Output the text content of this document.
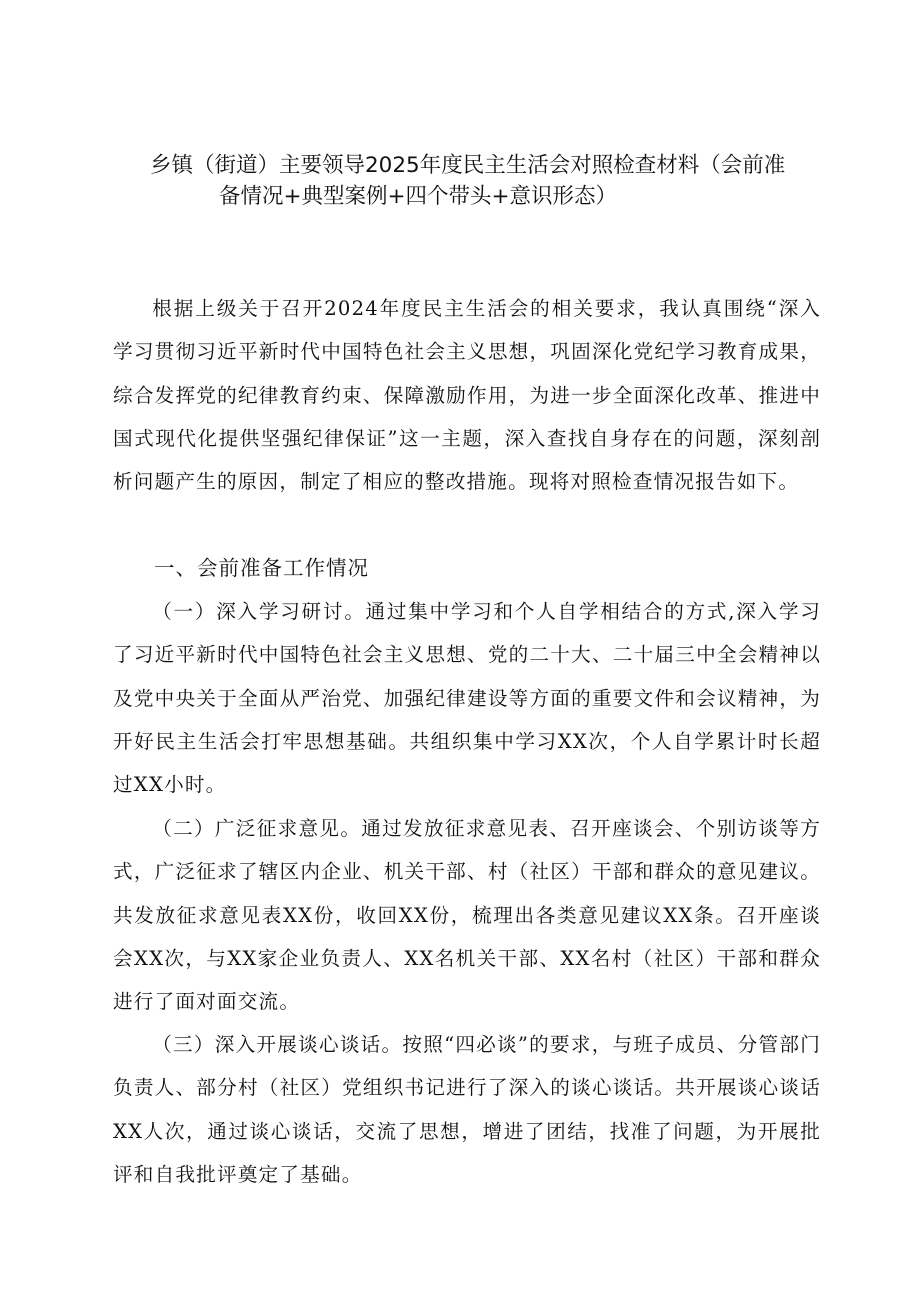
乡镇（街道）主要领导2025年度民主生活会对照检查材料（会前准
备情况+典型案例+四个带头+意识形态）

根据上级关于召开2024年度民主生活会的相关要求，我认真围绕“深入学习贯彻习近平新时代中国特色社会主义思想，巩固深化党纪学习教育成果，综合发挥党的纪律教育约束、保障激励作用，为进一步全面深化改革、推进中国式现代化提供坚强纪律保证”这一主题，深入查找自身存在的问题，深刻剖析问题产生的原因，制定了相应的整改措施。现将对照检查情况报告如下。

一、会前准备工作情况

（一）深入学习研讨。通过集中学习和个人自学相结合的方式,深入学习了习近平新时代中国特色社会主义思想、党的二十大、二十届三中全会精神以及党中央关于全面从严治党、加强纪律建设等方面的重要文件和会议精神，为开好民主生活会打牢思想基础。共组织集中学习XX次，个人自学累计时长超过XX小时。

（二）广泛征求意见。通过发放征求意见表、召开座谈会、个别访谈等方式，广泛征求了辖区内企业、机关干部、村（社区）干部和群众的意见建议。共发放征求意见表XX份，收回XX份，梳理出各类意见建议XX条。召开座谈会XX次，与XX家企业负责人、XX名机关干部、XX名村（社区）干部和群众进行了面对面交流。

（三）深入开展谈心谈话。按照“四必谈”的要求，与班子成员、分管部门负责人、部分村（社区）党组织书记进行了深入的谈心谈话。共开展谈心谈话XX人次，通过谈心谈话，交流了思想，增进了团结，找准了问题，为开展批评和自我批评奠定了基础。
